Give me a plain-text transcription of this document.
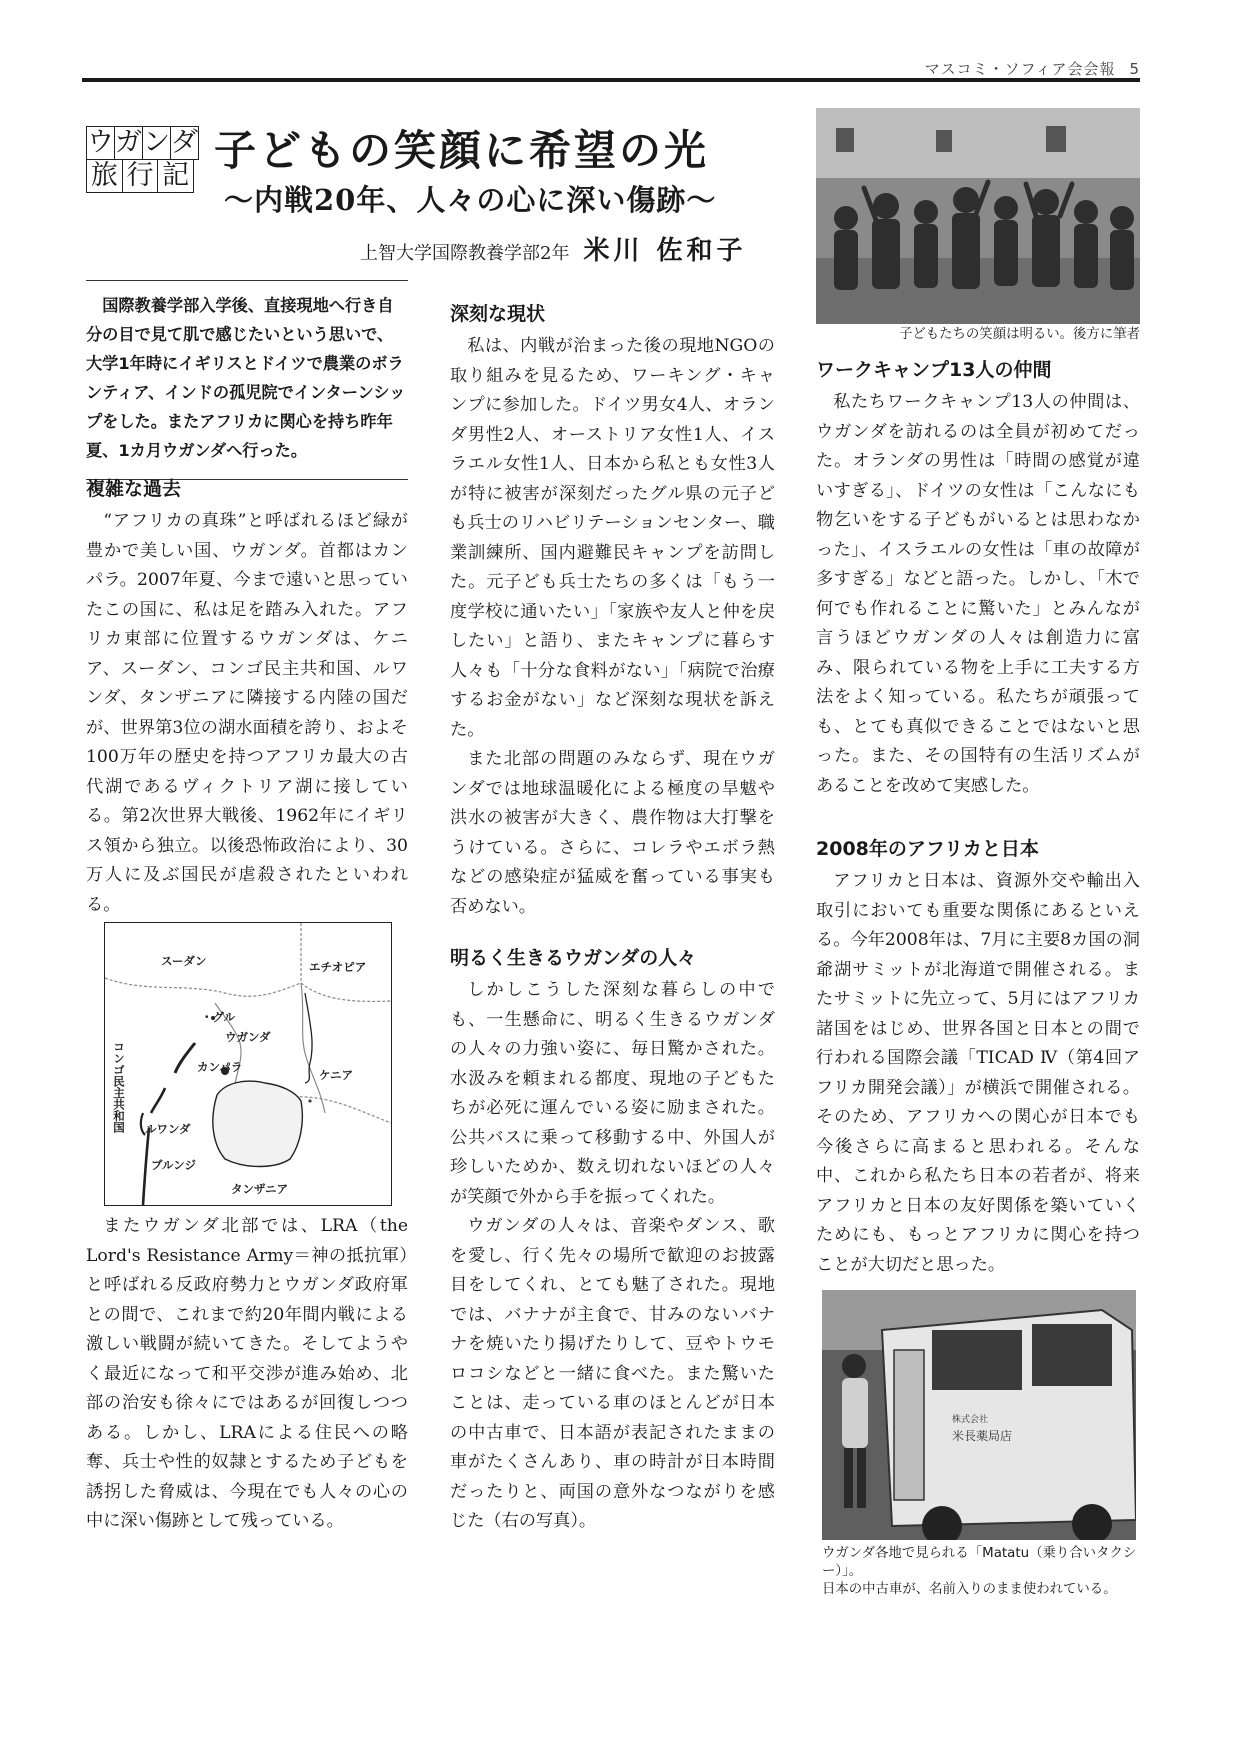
マスコミ・ソフィア会会報 5
ウ ガ ン ダ
旅 行 記
子どもの笑顔に希望の光
～内戦20年、人々の心に深い傷跡～
上智大学国際教養学部2年 米川 佐和子
国際教養学部入学後、直接現地へ行き自分の目で見て肌で感じたいという思いで、大学1年時にイギリスとドイツで農業のボランティア、インドの孤児院でインターンシップをした。またアフリカに関心を持ち昨年夏、1カ月ウガンダへ行った。
複雑な過去

“アフリカの真珠”と呼ばれるほど緑が豊かで美しい国、ウガンダ。首都はカンパラ。2007年夏、今まで遠いと思っていたこの国に、私は足を踏み入れた。アフリカ東部に位置するウガンダは、ケニア、スーダン、コンゴ民主共和国、ルワンダ、タンザニアに隣接する内陸の国だが、世界第3位の湖水面積を誇り、およそ100万年の歴史を持つアフリカ最大の古代湖であるヴィクトリア湖に接している。第2次世界大戦後、1962年にイギリス領から独立。以後恐怖政治により、30万人に及ぶ国民が虐殺されたといわれる。

スーダン	エチオピア
・グル
ウガンダ
カンパラ
ケニア
コンゴ民主共和国 ルワンダ
ブルンジ
タンザニア

またウガンダ北部では、LRA（the Lord's Resistance Army＝神の抵抗軍）と呼ばれる反政府勢力とウガンダ政府軍との間で、これまで約20年間内戦による激しい戦闘が続いてきた。そしてようやく最近になって和平交渉が進み始め、北部の治安も徐々にではあるが回復しつつある。しかし、LRAによる住民への略奪、兵士や性的奴隷とするため子どもを誘拐した脅威は、今現在でも人々の心の中に深い傷跡として残っている。

深刻な現状

私は、内戦が治まった後の現地NGOの取り組みを見るため、ワーキング・キャンプに参加した。ドイツ男女4人、オランダ男性2人、オーストリア女性1人、イスラエル女性1人、日本から私とも女性3人が特に被害が深刻だったグル県の元子ども兵士のリハビリテーションセンター、職業訓練所、国内避難民キャンプを訪問した。元子ども兵士たちの多くは「もう一度学校に通いたい」「家族や友人と仲を戻したい」と語り、またキャンプに暮らす人々も「十分な食料がない」「病院で治療するお金がない」など深刻な現状を訴えた。

また北部の問題のみならず、現在ウガンダでは地球温暖化による極度の旱魃や洪水の被害が大きく、農作物は大打撃をうけている。さらに、コレラやエボラ熱などの感染症が猛威を奮っている事実も否めない。

明るく生きるウガンダの人々

しかしこうした深刻な暮らしの中でも、一生懸命に、明るく生きるウガンダの人々の力強い姿に、毎日驚かされた。水汲みを頼まれる都度、現地の子どもたちが必死に運んでいる姿に励まされた。公共バスに乗って移動する中、外国人が珍しいためか、数え切れないほどの人々が笑顔で外から手を振ってくれた。

ウガンダの人々は、音楽やダンス、歌を愛し、行く先々の場所で歓迎のお披露目をしてくれ、とても魅了された。現地では、バナナが主食で、甘みのないバナナを焼いたり揚げたりして、豆やトウモロコシなどと一緒に食べた。また驚いたことは、走っている車のほとんどが日本の中古車で、日本語が表記されたままの車がたくさんあり、車の時計が日本時間だったりと、両国の意外なつながりを感じた（右の写真）。

子どもたちの笑顔は明るい。後方に筆者
ワークキャンプ13人の仲間

私たちワークキャンプ13人の仲間は、ウガンダを訪れるのは全員が初めてだった。オランダの男性は「時間の感覚が違いすぎる」、ドイツの女性は「こんなにも物乞いをする子どもがいるとは思わなかった」、イスラエルの女性は「車の故障が多すぎる」などと語った。しかし、「木で何でも作れることに驚いた」とみんなが言うほどウガンダの人々は創造力に富み、限られている物を上手に工夫する方法をよく知っている。私たちが頑張っても、とても真似できることではないと思った。また、その国特有の生活リズムがあることを改めて実感した。

2008年のアフリカと日本

アフリカと日本は、資源外交や輸出入取引においても重要な関係にあるといえる。今年2008年は、7月に主要8カ国の洞爺湖サミットが北海道で開催される。またサミットに先立って、5月にはアフリカ諸国をはじめ、世界各国と日本との間で行われる国際会議「TICAD Ⅳ（第4回アフリカ開発会議）」が横浜で開催される。そのため、アフリカへの関心が日本でも今後さらに高まると思われる。そんな中、これから私たち日本の若者が、将来アフリカと日本の友好関係を築いていくためにも、もっとアフリカに関心を持つことが大切だと思った。

株式会社
米長薬局店
ウガンダ各地で見られる「Matatu（乗り合いタクシー）」。
日本の中古車が、名前入りのまま使われている。
